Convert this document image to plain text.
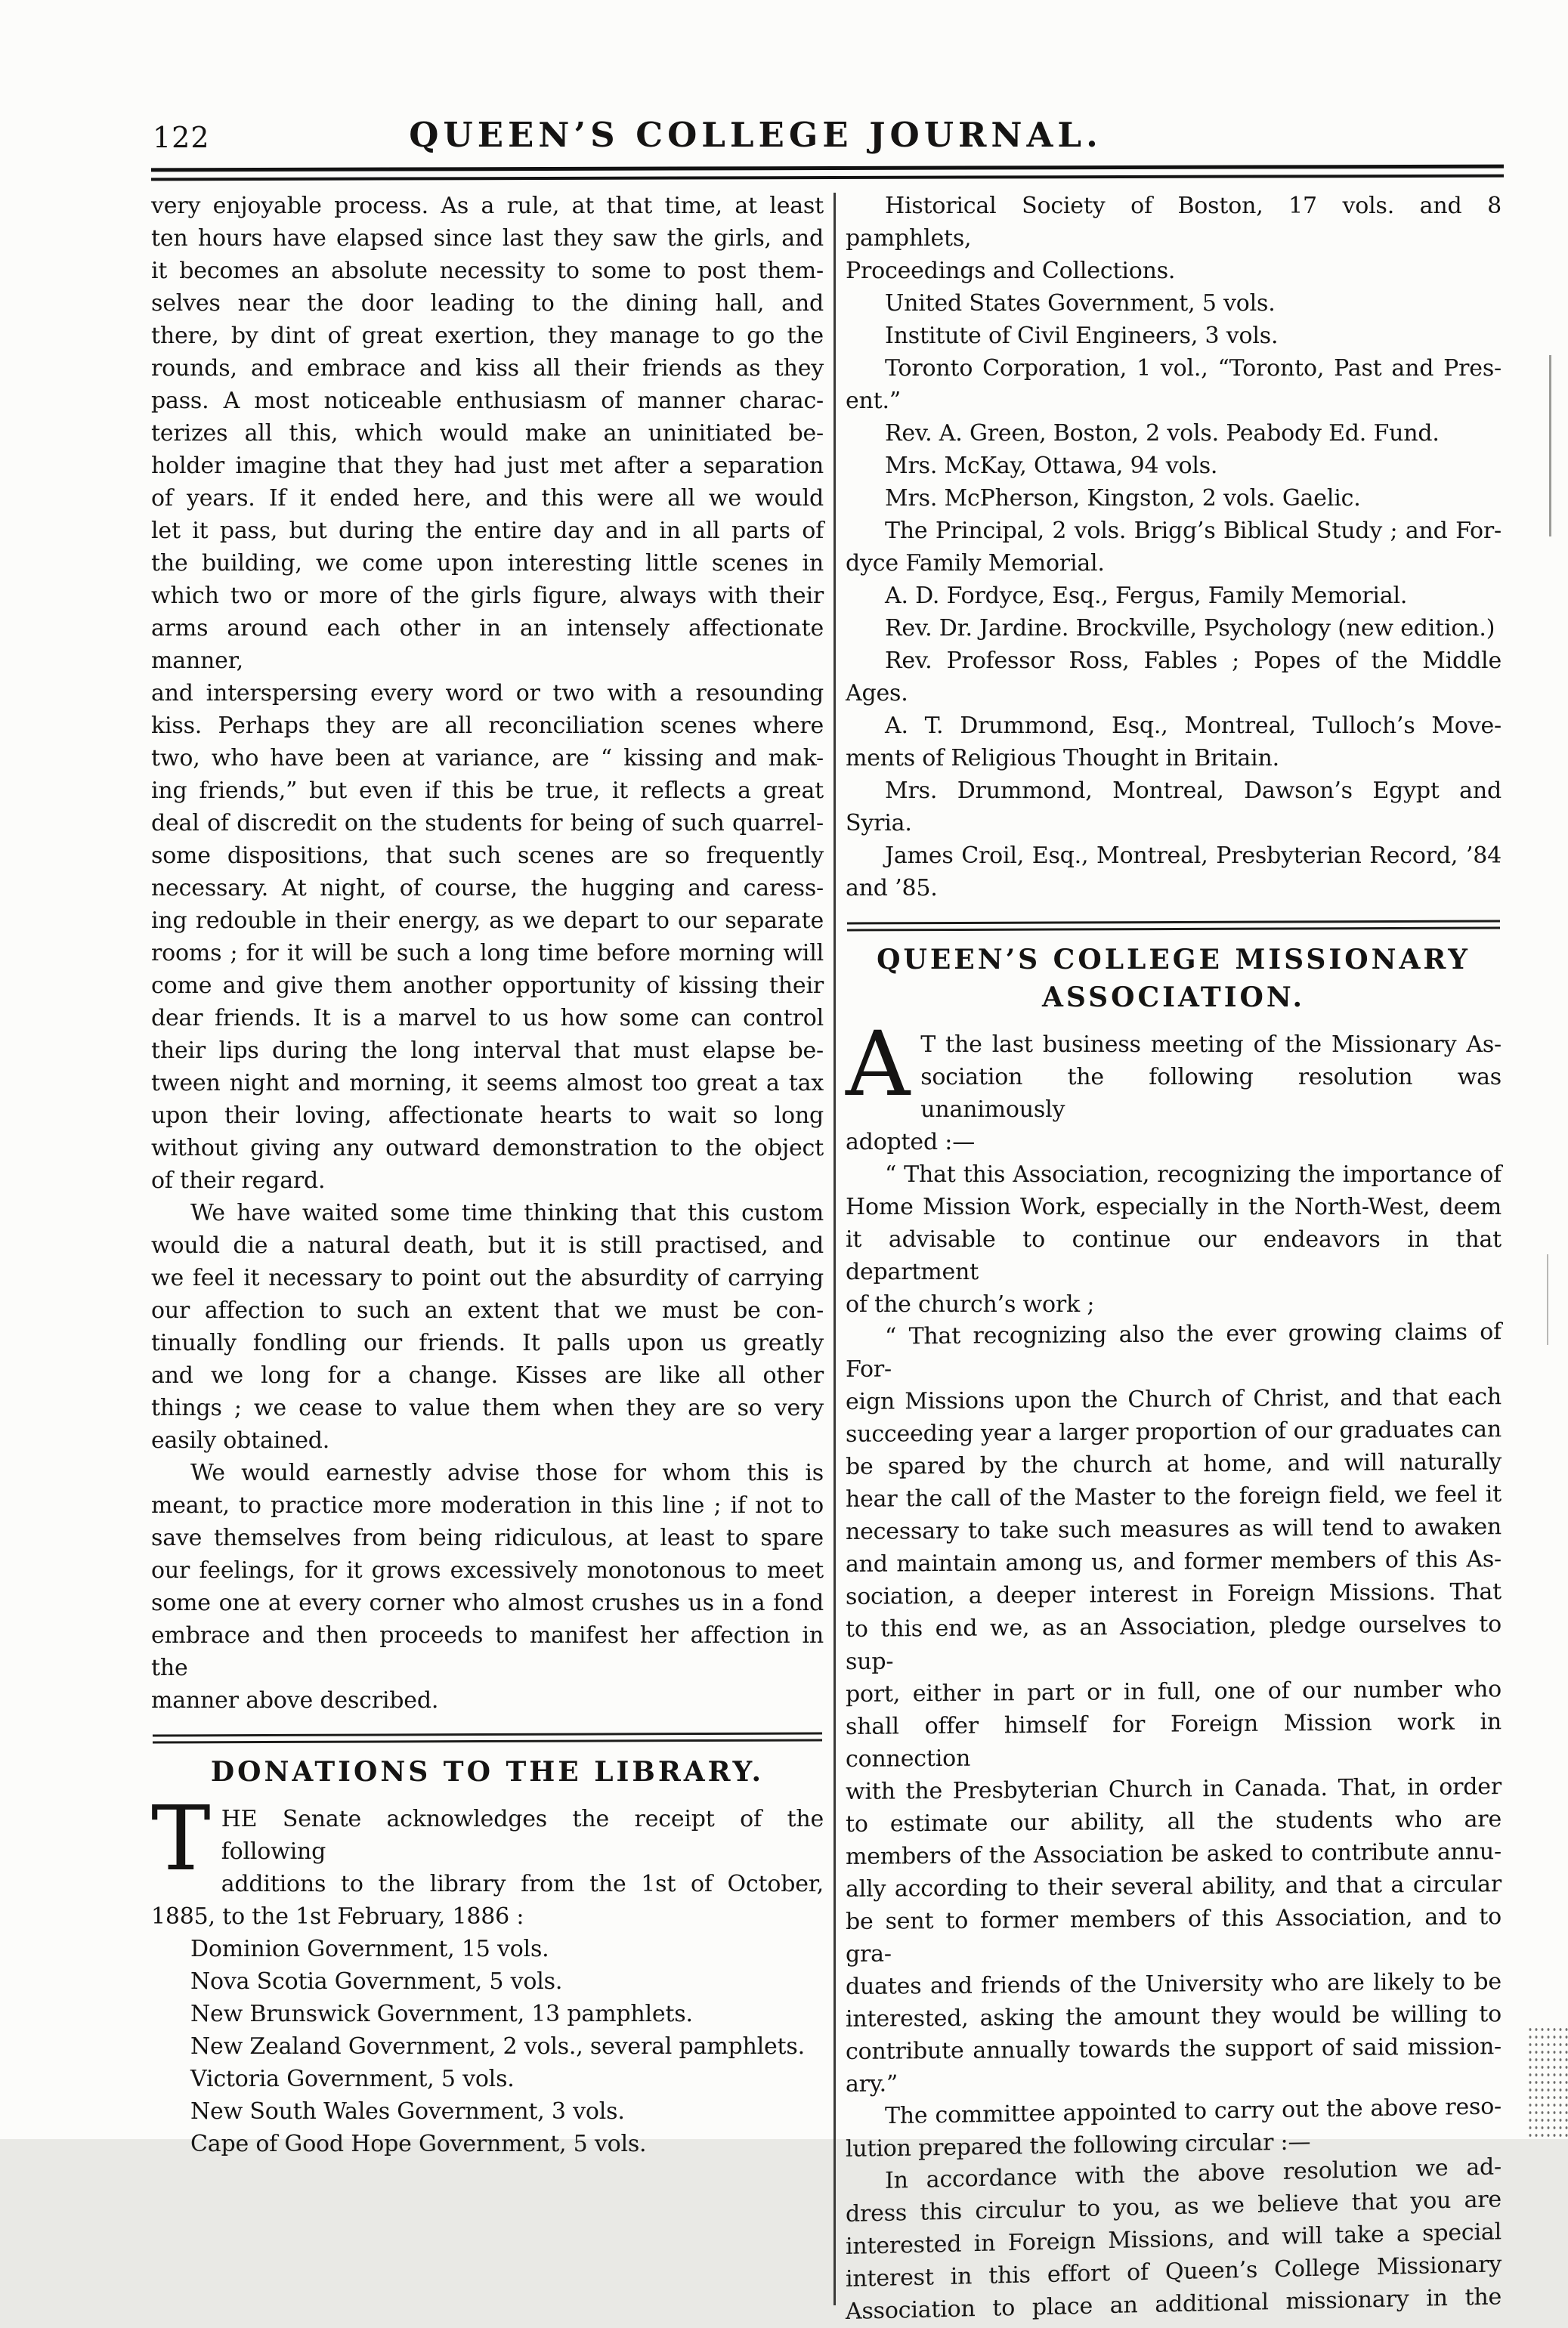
122	QUEEN’S COLLEGE JOURNAL.
very enjoyable process. As a rule, at that time, at least
ten hours have elapsed since last they saw the girls, and
it becomes an absolute necessity to some to post them-
selves near the door leading to the dining hall, and
there, by dint of great exertion, they manage to go the
rounds, and embrace and kiss all their friends as they
pass. A most noticeable enthusiasm of manner charac-
terizes all this, which would make an uninitiated be-
holder imagine that they had just met after a separation
of years. If it ended here, and this were all we would
let it pass, but during the entire day and in all parts of
the building, we come upon interesting little scenes in
which two or more of the girls figure, always with their
arms around each other in an intensely affectionate manner,
and interspersing every word or two with a resounding
kiss. Perhaps they are all reconciliation scenes where
two, who have been at variance, are “ kissing and mak-
ing friends,” but even if this be true, it reflects a great
deal of discredit on the students for being of such quarrel-
some dispositions, that such scenes are so frequently
necessary. At night, of course, the hugging and caress-
ing redouble in their energy, as we depart to our separate
rooms ; for it will be such a long time before morning will
come and give them another opportunity of kissing their
dear friends. It is a marvel to us how some can control
their lips during the long interval that must elapse be-
tween night and morning, it seems almost too great a tax
upon their loving, affectionate hearts to wait so long
without giving any outward demonstration to the object
of their regard.
We have waited some time thinking that this custom
would die a natural death, but it is still practised, and
we feel it necessary to point out the absurdity of carrying
our affection to such an extent that we must be con-
tinually fondling our friends. It palls upon us greatly
and we long for a change. Kisses are like all other
things ; we cease to value them when they are so very
easily obtained.
We would earnestly advise those for whom this is
meant, to practice more moderation in this line ; if not to
save themselves from being ridiculous, at least to spare
our feelings, for it grows excessively monotonous to meet
some one at every corner who almost crushes us in a fond
embrace and then proceeds to manifest her affection in the
manner above described.
DONATIONS TO THE LIBRARY.
T HE Senate acknowledges the receipt of the following
additions to the library from the 1st of October,
1885, to the 1st February, 1886 :
Dominion Government, 15 vols.
Nova Scotia Government, 5 vols.
New Brunswick Government, 13 pamphlets.
New Zealand Government, 2 vols., several pamphlets.
Victoria Government, 5 vols.
New South Wales Government, 3 vols.
Cape of Good Hope Government, 5 vols.
Historical Society of Boston, 17 vols. and 8 pamphlets,
Proceedings and Collections.
United States Government, 5 vols.
Institute of Civil Engineers, 3 vols.
Toronto Corporation, 1 vol., “Toronto, Past and Pres-
ent.”
Rev. A. Green, Boston, 2 vols. Peabody Ed. Fund.
Mrs. McKay, Ottawa, 94 vols.
Mrs. McPherson, Kingston, 2 vols. Gaelic.
The Principal, 2 vols. Brigg’s Biblical Study ; and For-
dyce Family Memorial.
A. D. Fordyce, Esq., Fergus, Family Memorial.
Rev. Dr. Jardine. Brockville, Psychology (new edition.)
Rev. Professor Ross, Fables ; Popes of the Middle
Ages.
A. T. Drummond, Esq., Montreal, Tulloch’s Move-
ments of Religious Thought in Britain.
Mrs. Drummond, Montreal, Dawson’s Egypt and Syria.
James Croil, Esq., Montreal, Presbyterian Record, ’84
and ’85.
QUEEN’S COLLEGE MISSIONARY
ASSOCIATION.
A T the last business meeting of the Missionary As-
sociation the following resolution was unanimously
adopted :—
“ That this Association, recognizing the importance of
Home Mission Work, especially in the North-West, deem
it advisable to continue our endeavors in that department
of the church’s work ;
“ That recognizing also the ever growing claims of For-
eign Missions upon the Church of Christ, and that each
succeeding year a larger proportion of our graduates can
be spared by the church at home, and will naturally
hear the call of the Master to the foreign field, we feel it
necessary to take such measures as will tend to awaken
and maintain among us, and former members of this As-
sociation, a deeper interest in Foreign Missions. That
to this end we, as an Association, pledge ourselves to sup-
port, either in part or in full, one of our number who
shall offer himself for Foreign Mission work in connection
with the Presbyterian Church in Canada. That, in order
to estimate our ability, all the students who are
members of the Association be asked to contribute annu-
ally according to their several ability, and that a circular
be sent to former members of this Association, and to gra-
duates and friends of the University who are likely to be
interested, asking the amount they would be willing to
contribute annually towards the support of said mission-
ary.”
The committee appointed to carry out the above reso-
lution prepared the following circular :—
In accordance with the above resolution we ad-
dress this circulur to you, as we believe that you are
interested in Foreign Missions, and will take a special
interest in this effort of Queen’s College Missionary
Association to place an additional missionary in the
